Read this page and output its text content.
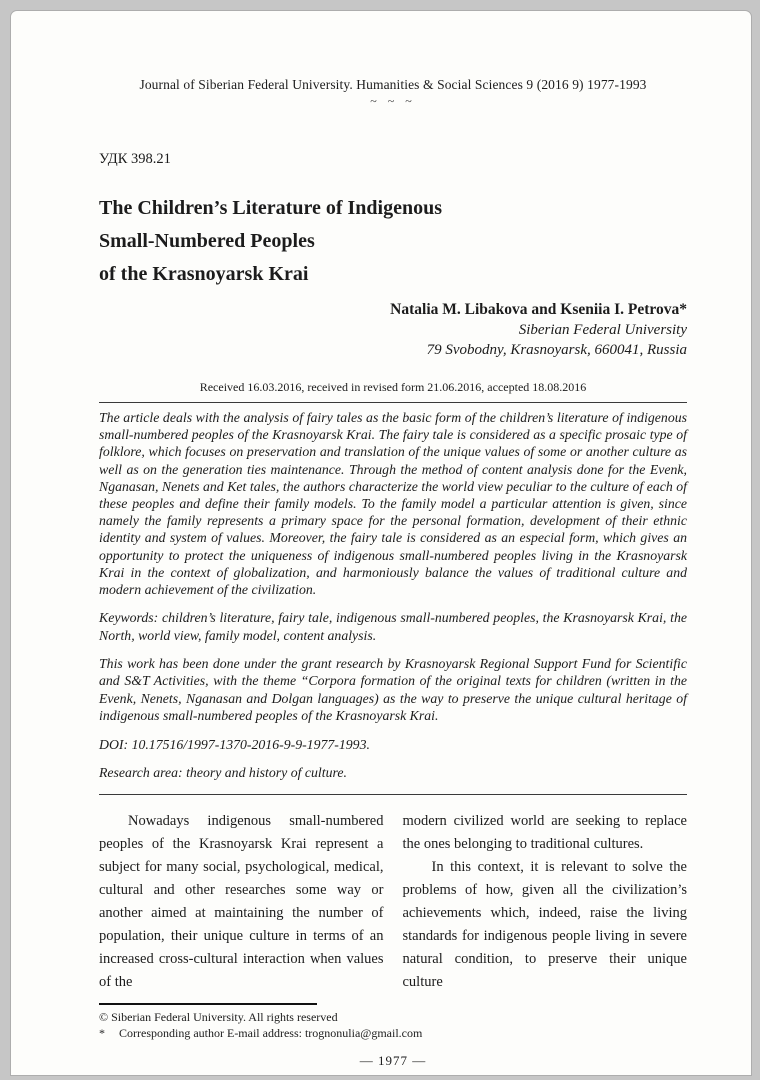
Journal of Siberian Federal University. Humanities & Social Sciences 9 (2016 9) 1977-1993
~ ~ ~
УДК 398.21
The Children’s Literature of Indigenous
Small-Numbered Peoples
of the Krasnoyarsk Krai
Natalia M. Libakova and Kseniia I. Petrova*
Siberian Federal University
79 Svobodny, Krasnoyarsk, 660041, Russia
Received 16.03.2016, received in revised form 21.06.2016, accepted 18.08.2016

The article deals with the analysis of fairy tales as the basic form of the children’s literature of indigenous small-numbered peoples of the Krasnoyarsk Krai. The fairy tale is considered as a specific prosaic type of folklore, which focuses on preservation and translation of the unique values of some or another culture as well as on the generation ties maintenance. Through the method of content analysis done for the Evenk, Nganasan, Nenets and Ket tales, the authors characterize the world view peculiar to the culture of each of these peoples and define their family models. To the family model a particular attention is given, since namely the family represents a primary space for the personal formation, development of their ethnic identity and system of values. Moreover, the fairy tale is considered as an especial form, which gives an opportunity to protect the uniqueness of indigenous small-numbered peoples living in the Krasnoyarsk Krai in the context of globalization, and harmoniously balance the values of traditional culture and modern achievement of the civilization.

Keywords: children’s literature, fairy tale, indigenous small-numbered peoples, the Krasnoyarsk Krai, the North, world view, family model, content analysis.

This work has been done under the grant research by Krasnoyarsk Regional Support Fund for Scientific and S&T Activities, with the theme “Corpora formation of the original texts for children (written in the Evenk, Nenets, Nganasan and Dolgan languages) as the way to preserve the unique cultural heritage of indigenous small-numbered peoples of the Krasnoyarsk Krai.

DOI: 10.17516/1997-1370-2016-9-9-1977-1993.

Research area: theory and history of culture.

Nowadays indigenous small-numbered peoples of the Krasnoyarsk Krai represent a subject for many social, psychological, medical, cultural and other researches some way or another aimed at maintaining the number of population, their unique culture in terms of an increased cross-cultural interaction when values of the

modern civilized world are seeking to replace the ones belonging to traditional cultures.

In this context, it is relevant to solve the problems of how, given all the civilization’s achievements which, indeed, raise the living standards for indigenous people living in severe natural condition, to preserve their unique culture

© Siberian Federal University. All rights reserved
*	Corresponding author E-mail address: trognonulia@gmail.com
— 1977 —
